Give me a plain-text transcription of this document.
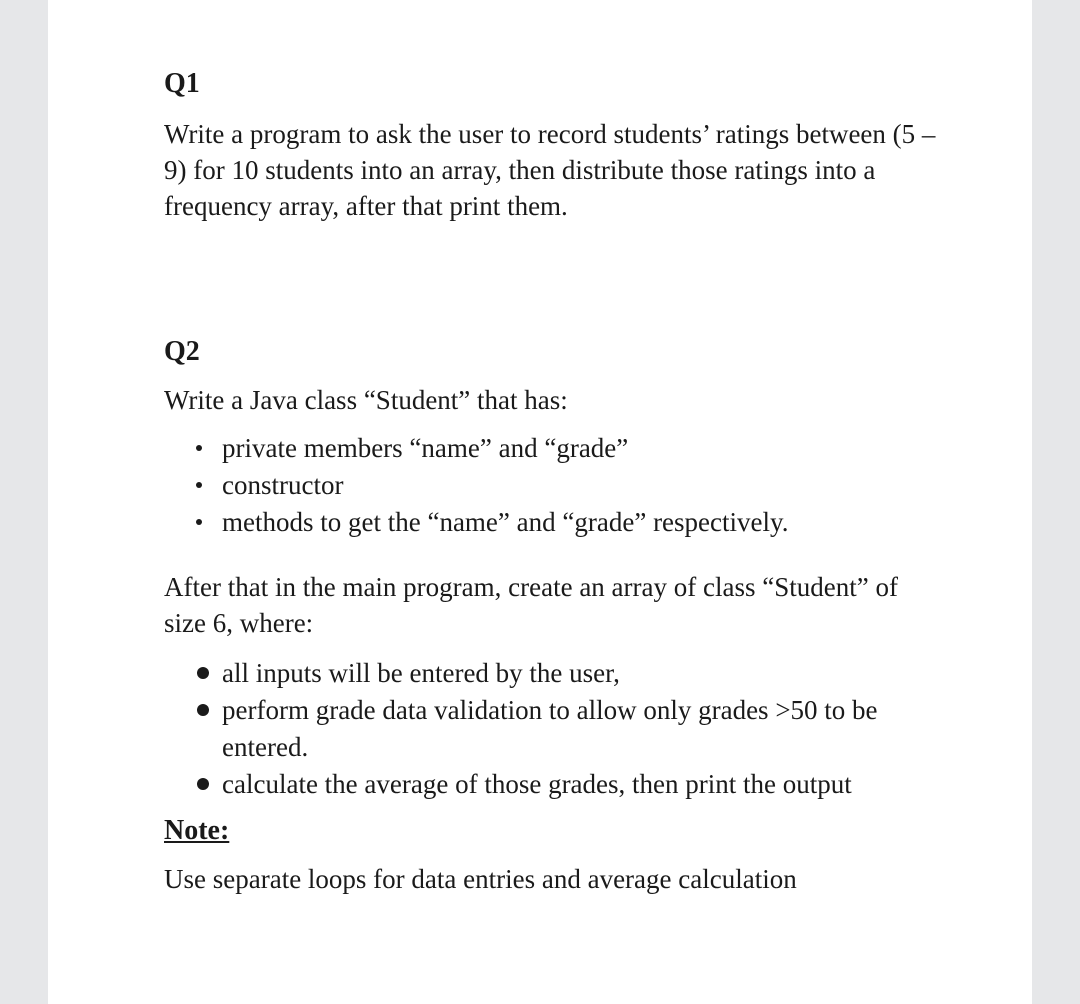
Q1

Write a program to ask the user to record students’ ratings between (5 – 9) for 10 students into an array, then distribute those ratings into a frequency array, after that print them.

Q2

Write a Java class “Student” that has:

private members “name” and “grade”
constructor
methods to get the “name” and “grade” respectively.

After that in the main program, create an array of class “Student” of size 6, where:

all inputs will be entered by the user,
perform grade data validation to allow only grades >50 to be entered.
calculate the average of those grades, then print the output
Note:

Use separate loops for data entries and average calculation
